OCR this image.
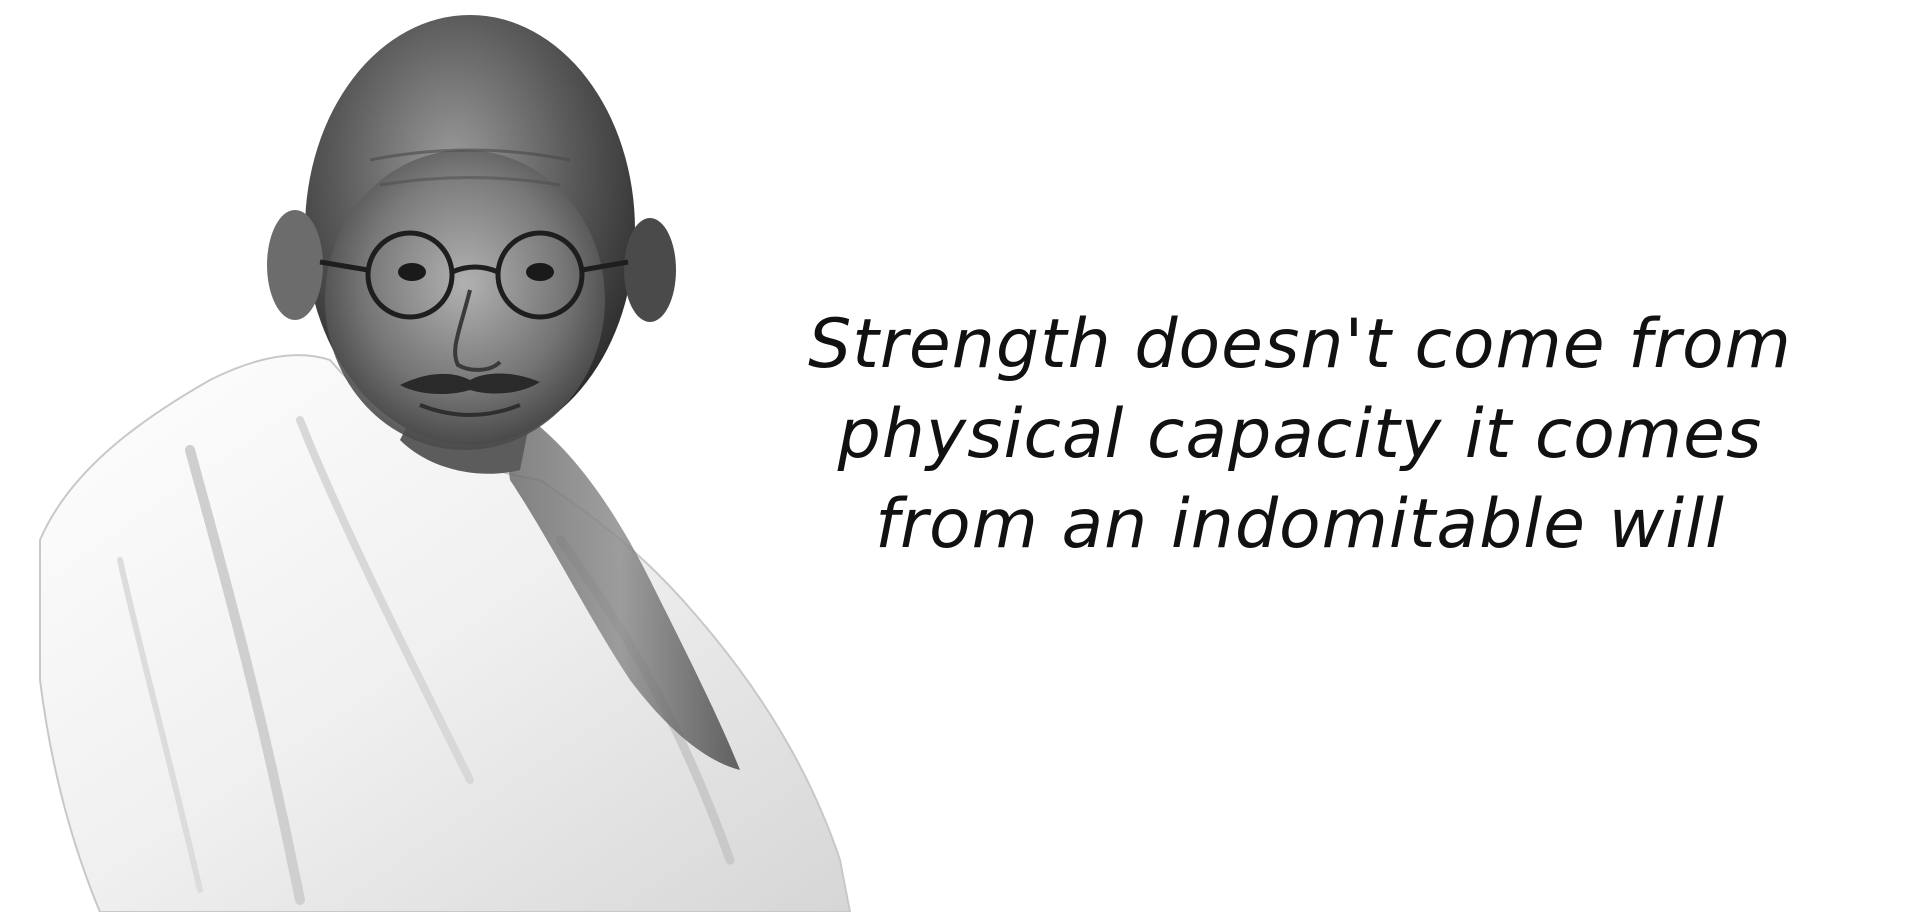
Strength doesn't come from
physical capacity it comes
from an indomitable will
